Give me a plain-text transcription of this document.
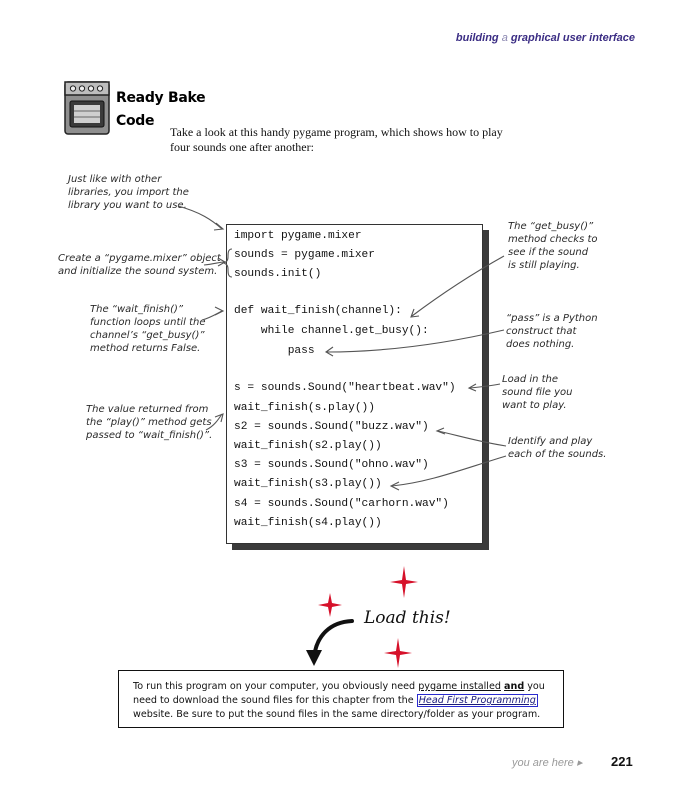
building a graphical user interface
Ready Bake
Code
Take a look at this handy pygame program, which shows how to play four sounds one after another:
import pygame.mixer
sounds = pygame.mixer
sounds.init()
def wait_finish(channel):
while channel.get_busy():
pass
s = sounds.Sound("heartbeat.wav")
wait_finish(s.play())
s2 = sounds.Sound("buzz.wav")
wait_finish(s2.play())
s3 = sounds.Sound("ohno.wav")
wait_finish(s3.play())
s4 = sounds.Sound("carhorn.wav")
wait_finish(s4.play())
Just like with other
libraries, you import the
library you want to use.
Create a “pygame.mixer” object
and initialize the sound system.
The “wait_finish()”
function loops until the
channel’s “get_busy()”
method returns False.
The value returned from
the “play()” method gets
passed to “wait_finish()”.
The “get_busy()”
method checks to
see if the sound
is still playing.
“pass” is a Python
construct that
does nothing.
Load in the
sound file you
want to play.
Identify and play
each of the sounds.
Load this!
To run this program on your computer, you obviously need pygame installed and you need to download the sound files for this chapter from the Head First Programming website. Be sure to put the sound files in the same directory/folder as your program.
you are here ▸ 221
